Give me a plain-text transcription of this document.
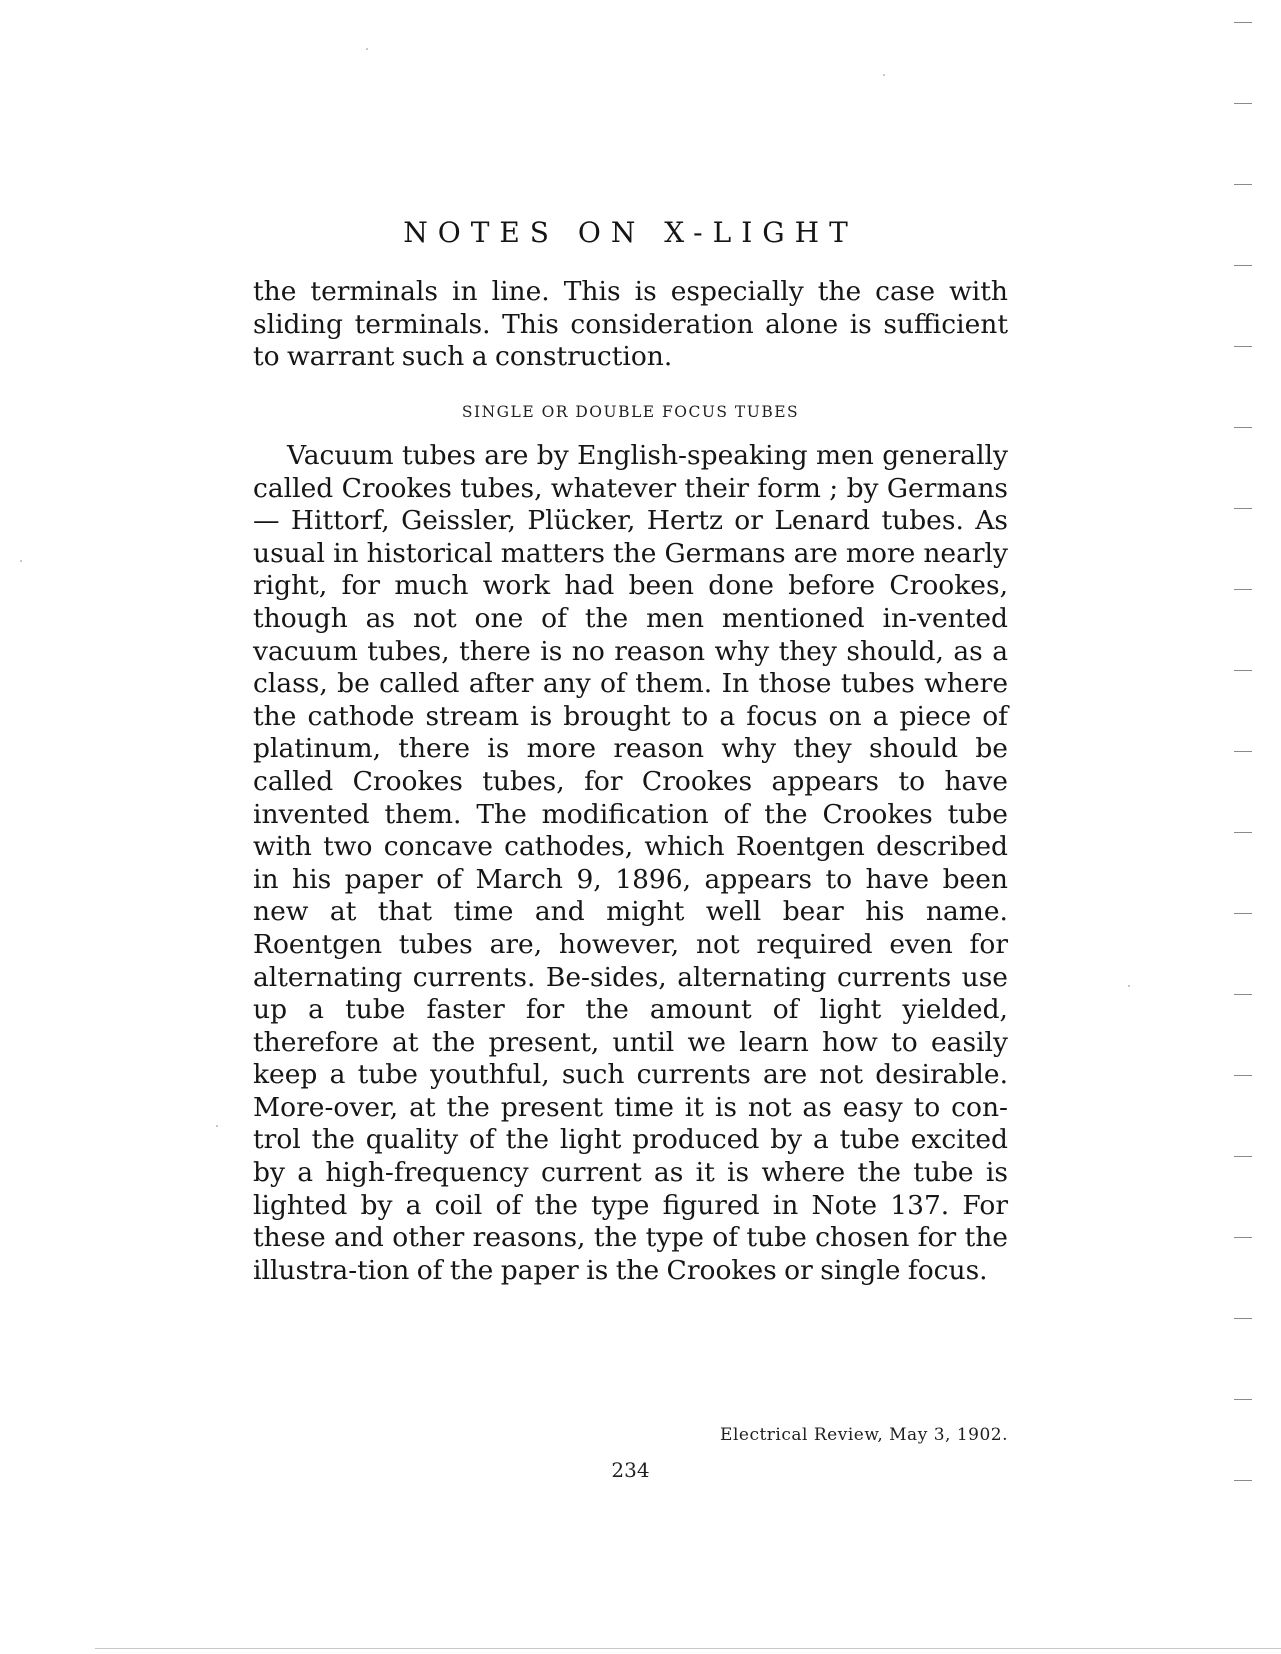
NOTES ON X-LIGHT
the terminals in line. This is especially the case with sliding terminals. This consideration alone is sufficient to warrant such a construction.
SINGLE OR DOUBLE FOCUS TUBES
Vacuum tubes are by English-speaking men generally called Crookes tubes, whatever their form ; by Germans — Hittorf, Geissler, Plücker, Hertz or Lenard tubes. As usual in historical matters the Germans are more nearly right, for much work had been done before Crookes, though as not one of the men mentioned in-vented vacuum tubes, there is no reason why they should, as a class, be called after any of them. In those tubes where the cathode stream is brought to a focus on a piece of platinum, there is more reason why they should be called Crookes tubes, for Crookes appears to have invented them. The modification of the Crookes tube with two concave cathodes, which Roentgen described in his paper of March 9, 1896, appears to have been new at that time and might well bear his name. Roentgen tubes are, however, not required even for alternating currents. Be-sides, alternating currents use up a tube faster for the amount of light yielded, therefore at the present, until we learn how to easily keep a tube youthful, such currents are not desirable. More-over, at the present time it is not as easy to con-trol the quality of the light produced by a tube excited by a high-frequency current as it is where the tube is lighted by a coil of the type figured in Note 137. For these and other reasons, the type of tube chosen for the illustra-tion of the paper is the Crookes or single focus.
Electrical Review, May 3, 1902.
234
